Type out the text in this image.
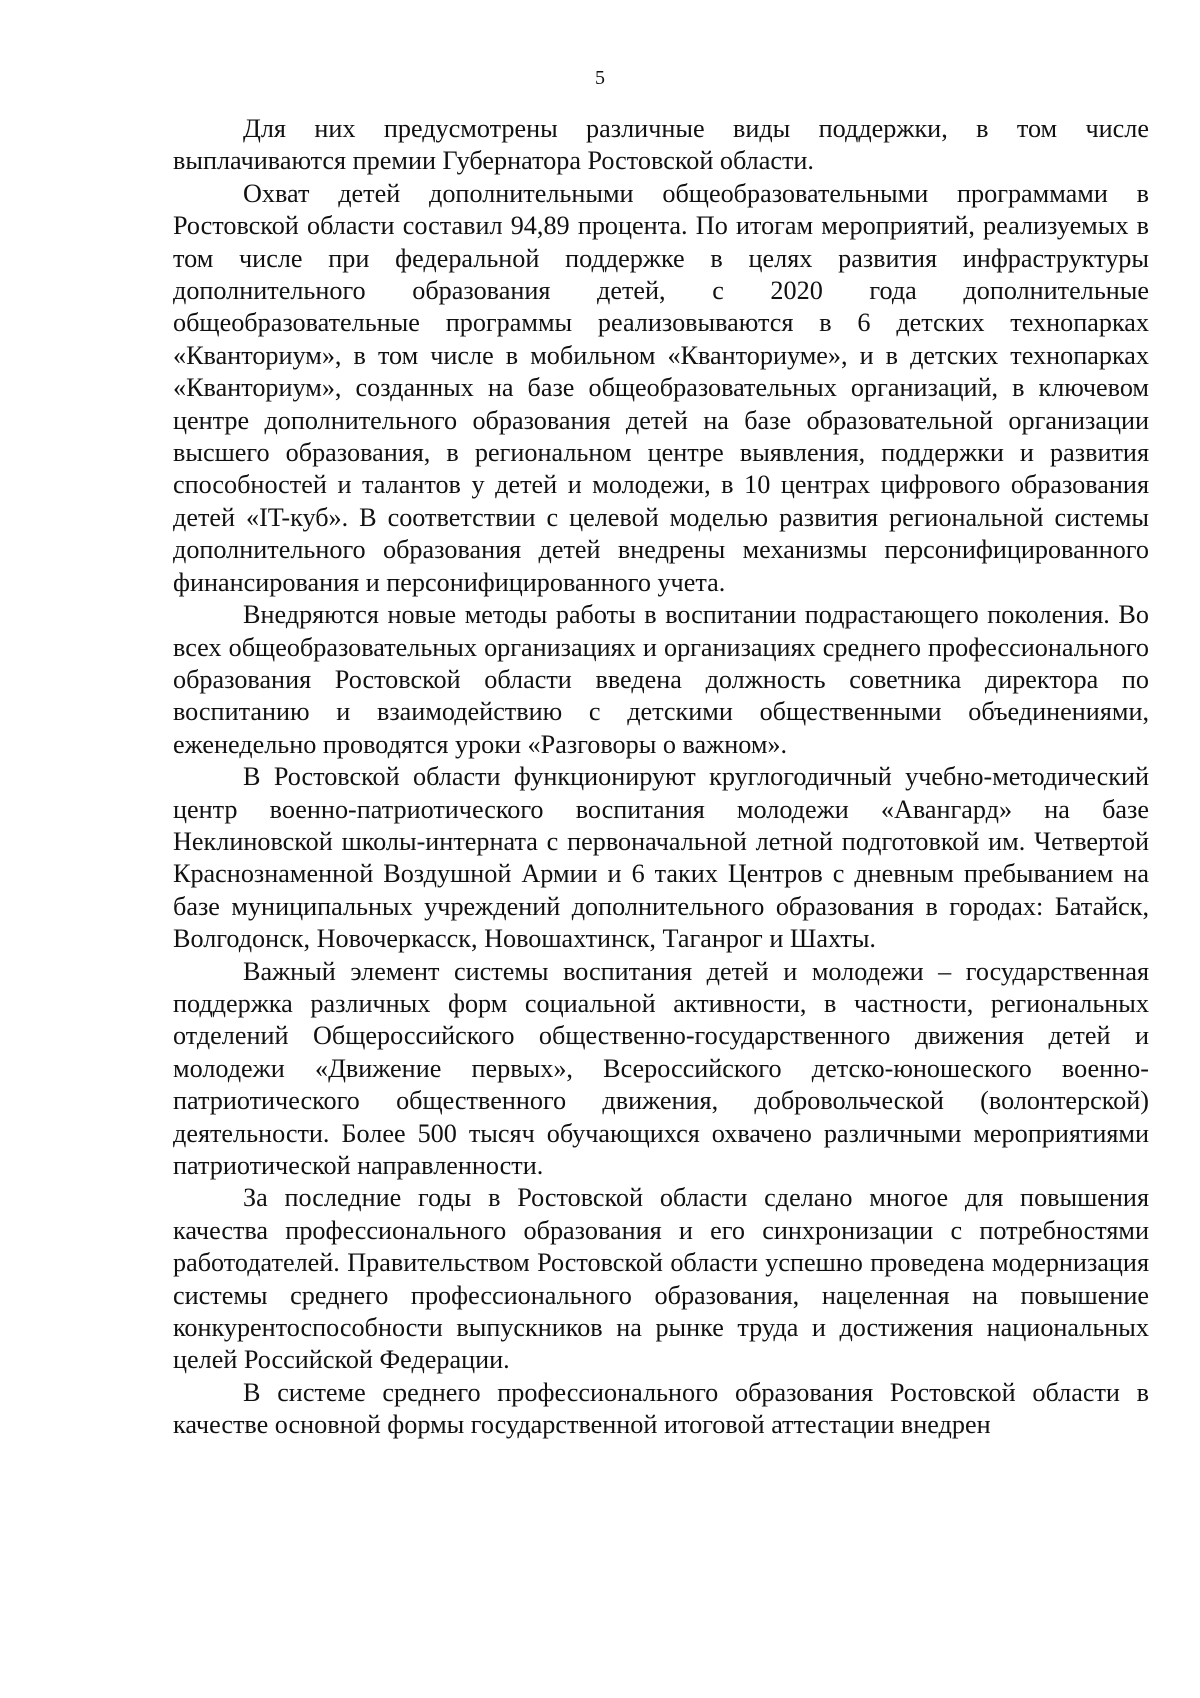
5

Для них предусмотрены различные виды поддержки, в том числе выплачиваются премии Губернатора Ростовской области.

Охват детей дополнительными общеобразовательными программами в Ростовской области составил 94,89 процента. По итогам мероприятий, реализуемых в том числе при федеральной поддержке в целях развития инфраструктуры дополнительного образования детей, с 2020 года дополнительные общеобразовательные программы реализовываются в 6 детских технопарках «Кванториум», в том числе в мобильном «Кванториуме», и в детских технопарках «Кванториум», созданных на базе общеобразовательных организаций, в ключевом центре дополнительного образования детей на базе образовательной организации высшего образования, в региональном центре выявления, поддержки и развития способностей и талантов у детей и молодежи, в 10 центрах цифрового образования детей «IT-куб». В соответствии с целевой моделью развития региональной системы дополнительного образования детей внедрены механизмы персонифицированного финансирования и персонифицированного учета.

Внедряются новые методы работы в воспитании подрастающего поколения. Во всех общеобразовательных организациях и организациях среднего профессионального образования Ростовской области введена должность советника директора по воспитанию и взаимодействию с детскими общественными объединениями, еженедельно проводятся уроки «Разговоры о важном».

В Ростовской области функционируют круглогодичный учебно-методический центр военно-патриотического воспитания молодежи «Авангард» на базе Неклиновской школы-интерната с первоначальной летной подготовкой им. Четвертой Краснознаменной Воздушной Армии и 6 таких Центров с дневным пребыванием на базе муниципальных учреждений дополнительного образования в городах: Батайск, Волгодонск, Новочеркасск, Новошахтинск, Таганрог и Шахты.

Важный элемент системы воспитания детей и молодежи – государственная поддержка различных форм социальной активности, в частности, региональных отделений Общероссийского общественно-государственного движения детей и молодежи «Движение первых», Всероссийского детско-юношеского военно-патриотического общественного движения, добровольческой (волонтерской) деятельности. Более 500 тысяч обучающихся охвачено различными мероприятиями патриотической направленности.

За последние годы в Ростовской области сделано многое для повышения качества профессионального образования и его синхронизации с потребностями работодателей. Правительством Ростовской области успешно проведена модернизация системы среднего профессионального образования, нацеленная на повышение конкурентоспособности выпускников на рынке труда и достижения национальных целей Российской Федерации.

В системе среднего профессионального образования Ростовской области в качестве основной формы государственной итоговой аттестации внедрен
